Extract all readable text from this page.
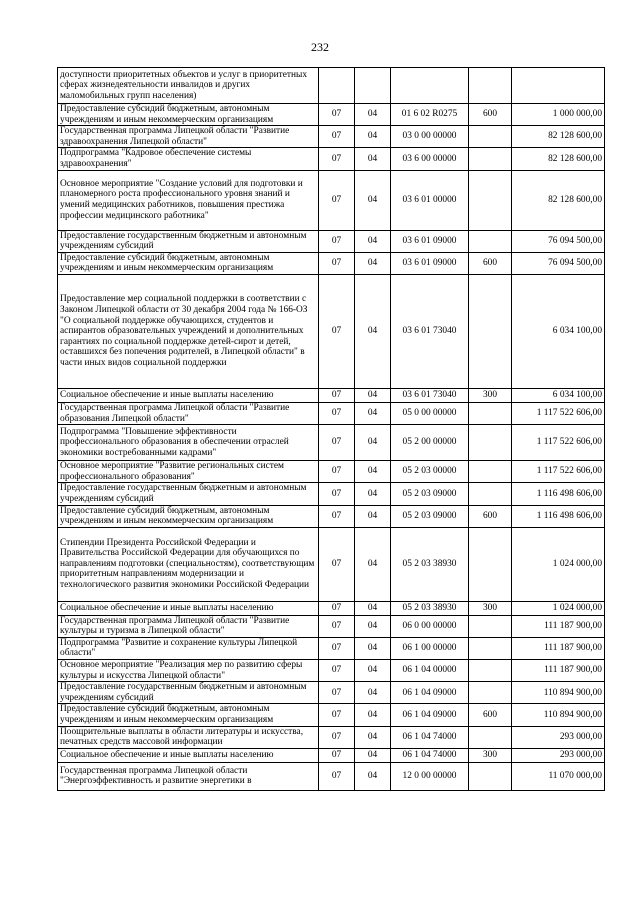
232
доступности приоритетных объектов и услуг в приоритетных сферах жизнедеятельности инвалидов и других маломобильных групп населения)					
Предоставление субсидий бюджетным, автономным учреждениям и иным некоммерческим организациям	07	04	01 6 02 R0275	600	1 000 000,00
Государственная программа Липецкой области "Развитие здравоохранения Липецкой области"	07	04	03 0 00 00000		82 128 600,00
Подпрограмма "Кадровое обеспечение системы здравоохранения"	07	04	03 6 00 00000		82 128 600,00
Основное мероприятие "Создание условий для подготовки и планомерного роста профессионального уровня знаний и умений медицинских работников, повышения престижа профессии медицинского работника"	07	04	03 6 01 00000		82 128 600,00
Предоставление государственным бюджетным и автономным учреждениям субсидий	07	04	03 6 01 09000		76 094 500,00
Предоставление субсидий бюджетным, автономным учреждениям и иным некоммерческим организациям	07	04	03 6 01 09000	600	76 094 500,00
Предоставление мер социальной поддержки в соответствии с Законом Липецкой области от 30 декабря 2004 года № 166-ОЗ "О социальной поддержке обучающихся, студентов и аспирантов образовательных учреждений и дополнительных гарантиях по социальной поддержке детей-сирот и детей, оставшихся без попечения родителей, в Липецкой области" в части иных видов социальной поддержки	07	04	03 6 01 73040		6 034 100,00
Социальное обеспечение и иные выплаты населению	07	04	03 6 01 73040	300	6 034 100,00
Государственная программа Липецкой области "Развитие образования Липецкой области"	07	04	05 0 00 00000		1 117 522 606,00
Подпрограмма "Повышение эффективности профессионального образования в обеспечении отраслей экономики востребованными кадрами"	07	04	05 2 00 00000		1 117 522 606,00
Основное мероприятие "Развитие региональных систем профессионального образования"	07	04	05 2 03 00000		1 117 522 606,00
Предоставление государственным бюджетным и автономным учреждениям субсидий	07	04	05 2 03 09000		1 116 498 606,00
Предоставление субсидий бюджетным, автономным учреждениям и иным некоммерческим организациям	07	04	05 2 03 09000	600	1 116 498 606,00
Стипендии Президента Российской Федерации и Правительства Российской Федерации для обучающихся по направлениям подготовки (специальностям), соответствующим приоритетным направлениям модернизации и технологического развития экономики Российской Федерации	07	04	05 2 03 38930		1 024 000,00
Социальное обеспечение и иные выплаты населению	07	04	05 2 03 38930	300	1 024 000,00
Государственная программа Липецкой области "Развитие культуры и туризма в Липецкой области"	07	04	06 0 00 00000		111 187 900,00
Подпрограмма "Развитие и сохранение культуры Липецкой области"	07	04	06 1 00 00000		111 187 900,00
Основное мероприятие "Реализация мер по развитию сферы культуры и искусства Липецкой области"	07	04	06 1 04 00000		111 187 900,00
Предоставление государственным бюджетным и автономным учреждениям субсидий	07	04	06 1 04 09000		110 894 900,00
Предоставление субсидий бюджетным, автономным учреждениям и иным некоммерческим организациям	07	04	06 1 04 09000	600	110 894 900,00
Поощрительные выплаты в области литературы и искусства, печатных средств массовой информации	07	04	06 1 04 74000		293 000,00
Социальное обеспечение и иные выплаты населению	07	04	06 1 04 74000	300	293 000,00
Государственная программа Липецкой области "Энергоэффективность и развитие энергетики в	07	04	12 0 00 00000		11 070 000,00
